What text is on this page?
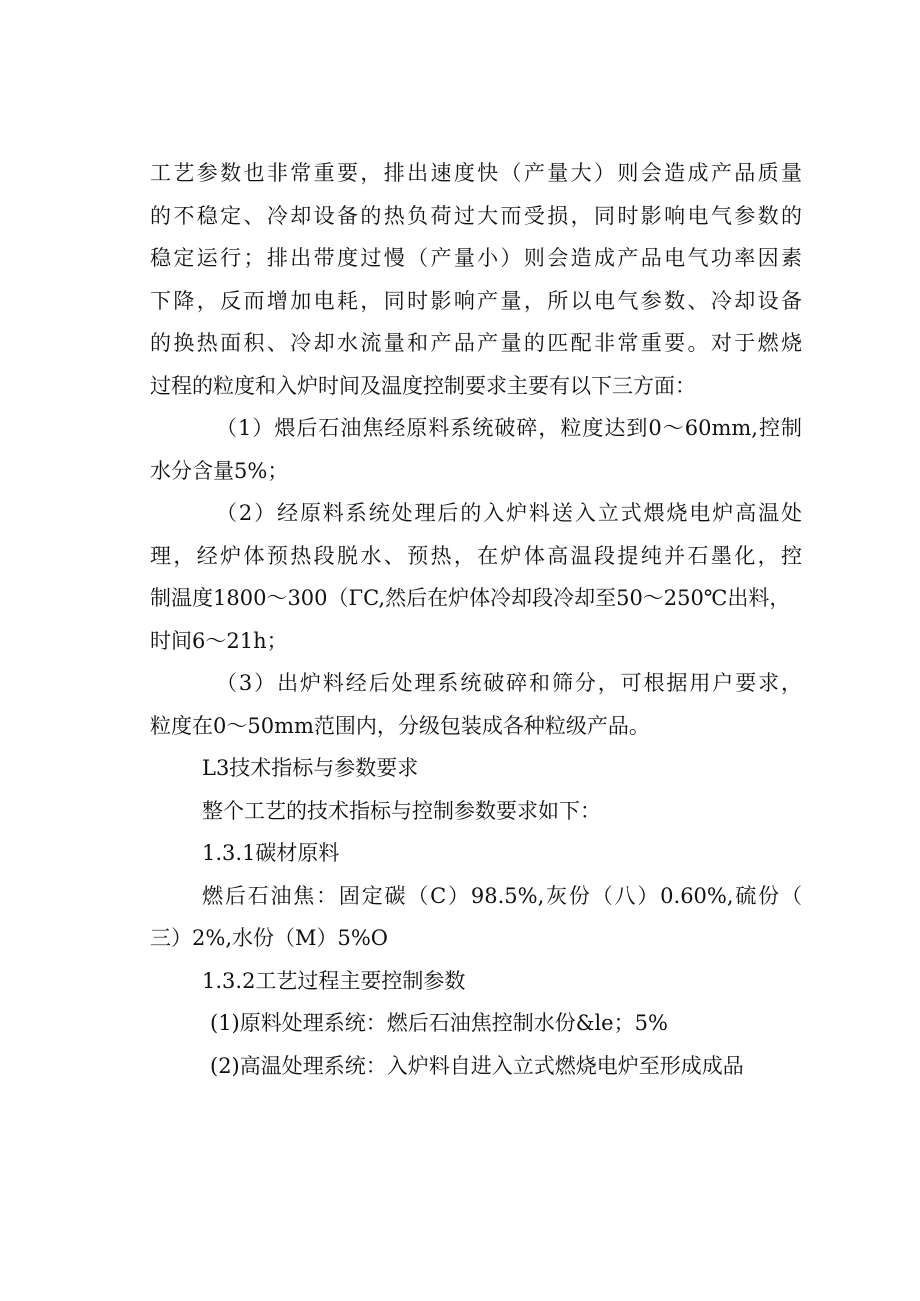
工艺参数也非常重要，排出速度快（产量大）则会造成产品质量
的不稳定、冷却设备的热负荷过大而受损，同时影响电气参数的
稳定运行；排出带度过慢（产量小）则会造成产品电气功率因素
下降，反而增加电耗，同时影响产量，所以电气参数、冷却设备
的换热面积、冷却水流量和产品产量的匹配非常重要。对于燃烧
过程的粒度和入炉时间及温度控制要求主要有以下三方面：
（1）煨后石油焦经原料系统破碎，粒度达到0～60mm,控制
水分含量5%；
（2）经原料系统处理后的入炉料送入立式煨烧电炉高温处
理，经炉体预热段脱水、预热，在炉体高温段提纯并石墨化，控
制温度1800～300（ΓC,然后在炉体冷却段冷却至50～250℃出料，
时间6～21h；
（3）出炉料经后处理系统破碎和筛分，可根据用户要求，
粒度在0～50mm范围内，分级包装成各种粒级产品。
L3技术指标与参数要求
整个工艺的技术指标与控制参数要求如下：
1.3.1碳材原料
燃后石油焦：固定碳（C）98.5%,灰份（八）0.60%,硫份（
三）2%,水份（M）5%O
1.3.2工艺过程主要控制参数
(1)原料处理系统：燃后石油焦控制水份&le；5%
(2)高温处理系统：入炉料自进入立式燃烧电炉至形成成品
